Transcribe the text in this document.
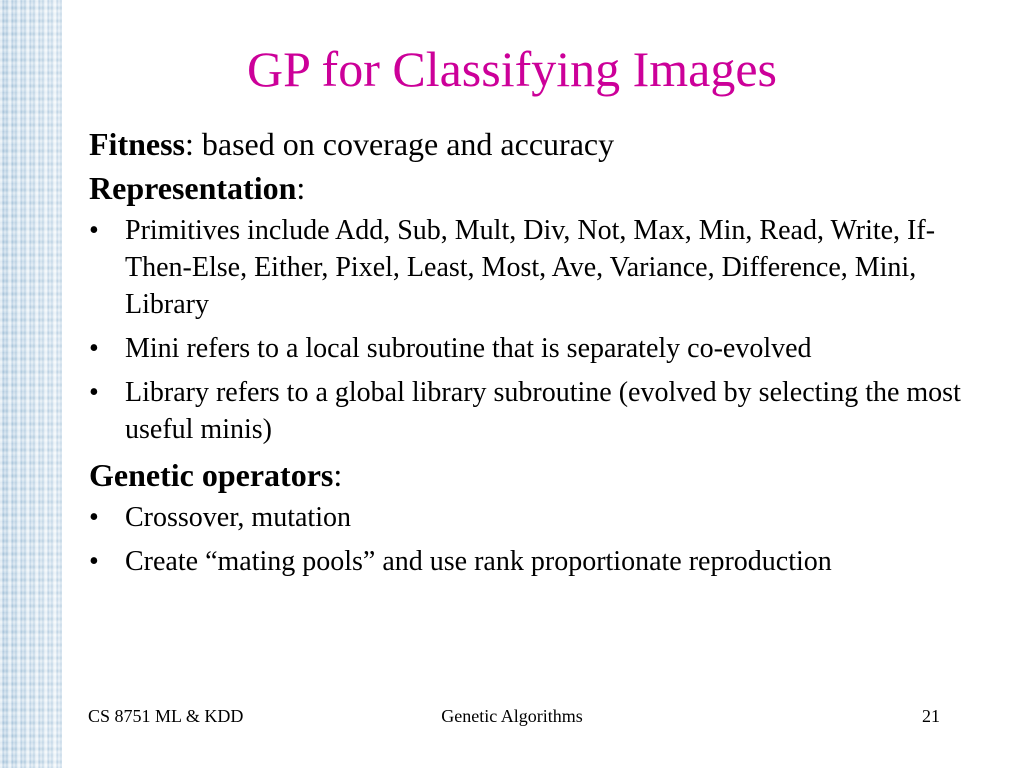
GP for Classifying Images

Fitness: based on coverage and accuracy

Representation:

• Primitives include Add, Sub, Mult, Div, Not, Max, Min, Read, Write, If-Then-Else, Either, Pixel, Least, Most, Ave, Variance, Difference, Mini, Library
• Mini refers to a local subroutine that is separately co-evolved
• Library refers to a global library subroutine (evolved by selecting the most useful minis)

Genetic operators:

• Crossover, mutation
• Create “mating pools” and use rank proportionate reproduction
CS 8751 ML & KDD	Genetic Algorithms	21
